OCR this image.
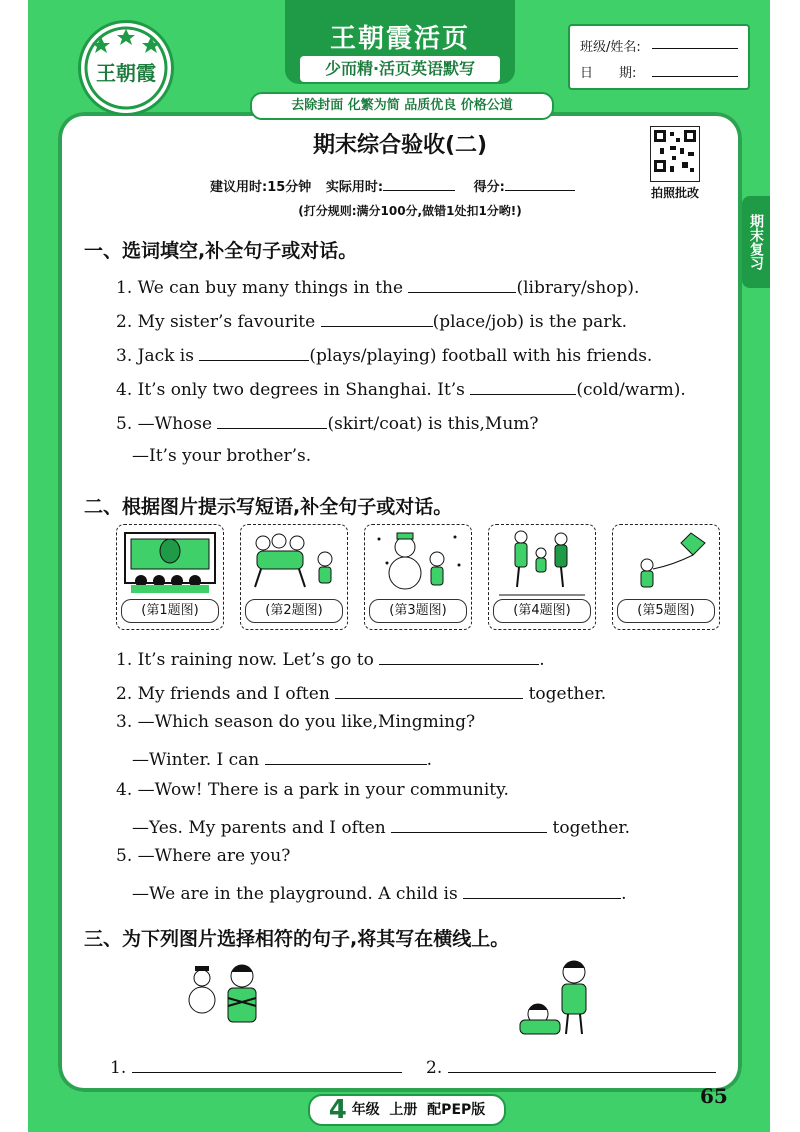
王朝霞活页
少而精·活页英语默写
王朝霞
去除封面 化繁为简 品质优良 价格公道
班级/姓名:
日　　期:
期末复习
期末综合验收(二)
拍照批改
建议用时:15分钟 实际用时:	得分:
(打分规则:满分100分,做错1处扣1分哟!)
一、选词填空,补全句子或对话。
1. We can buy many things in the	(library/shop).
2. My sister’s favourite	(place/job) is the park.
3. Jack is	(plays/playing) football with his friends.
4. It’s only two degrees in Shanghai. It’s	(cold/warm).
5. —Whose	(skirt/coat) is this,Mum?
—It’s your brother’s.
二、根据图片提示写短语,补全句子或对话。
(第1题图)	(第2题图)	(第3题图)	(第4题图)	(第5题图)
1. It’s raining now. Let’s go to	.
2. My friends and I often	together.
3. —Which season do you like,Mingming?
—Winter. I can	.
4. —Wow! There is a park in your community.
—Yes. My parents and I often	together.
5. —Where are you?
—We are in the playground. A child is	.
三、为下列图片选择相符的句子,将其写在横线上。
1.	2.
4 年级  上册  配PEP版
65
